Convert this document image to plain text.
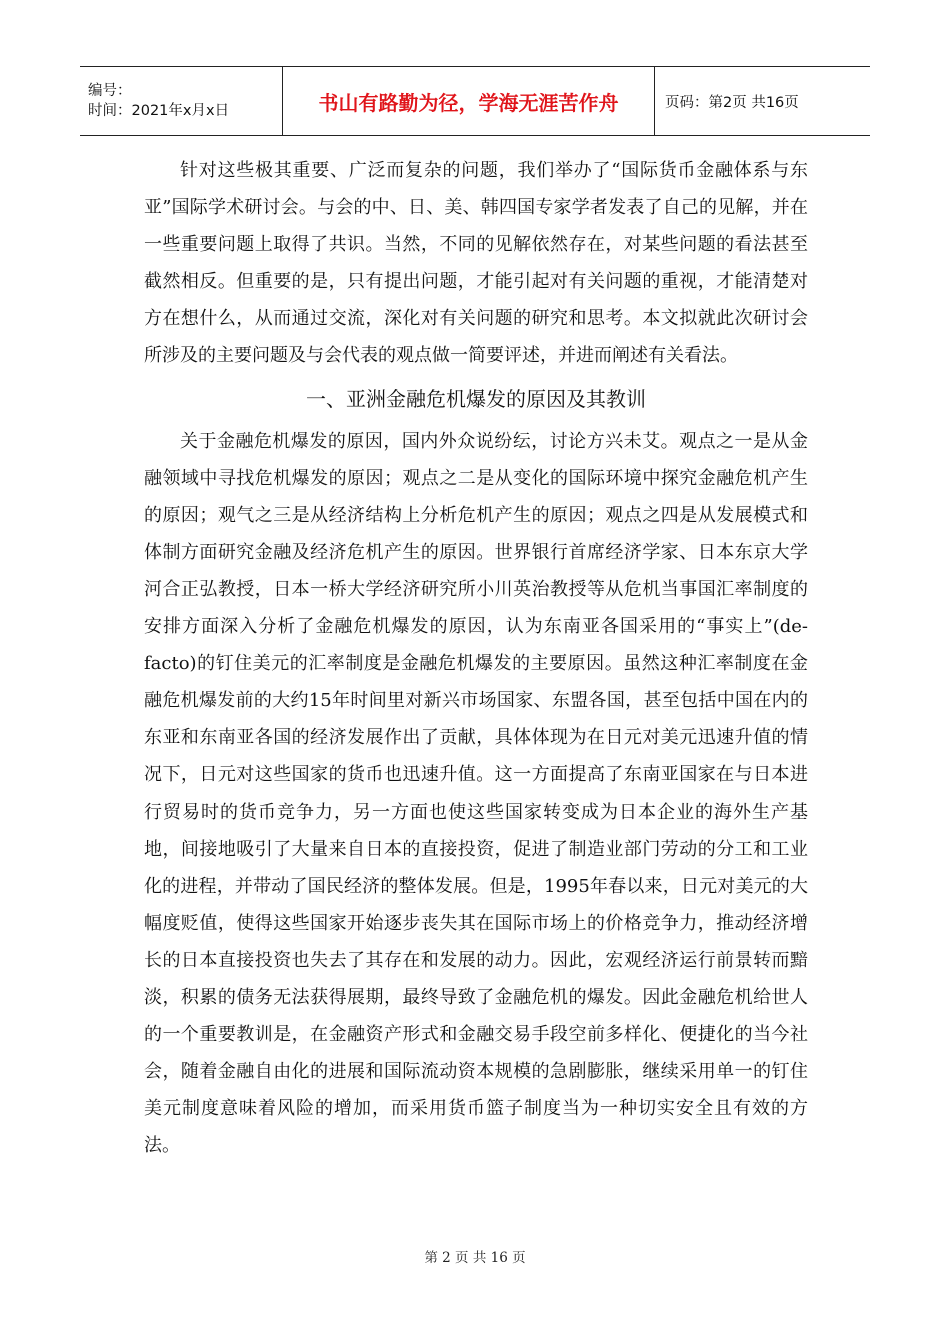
编号：
时间：2021年x月x日	书山有路勤为径，学海无涯苦作舟	页码：第2页 共16页

针对这些极其重要、广泛而复杂的问题，我们举办了“国际货币金融体系与东亚”国际学术研讨会。与会的中、日、美、韩四国专家学者发表了自己的见解，并在一些重要问题上取得了共识。当然，不同的见解依然存在，对某些问题的看法甚至截然相反。但重要的是，只有提出问题，才能引起对有关问题的重视，才能清楚对方在想什么，从而通过交流，深化对有关问题的研究和思考。本文拟就此次研讨会所涉及的主要问题及与会代表的观点做一简要评述，并进而阐述有关看法。

一、亚洲金融危机爆发的原因及其教训

关于金融危机爆发的原因，国内外众说纷纭，讨论方兴未艾。观点之一是从金融领域中寻找危机爆发的原因；观点之二是从变化的国际环境中探究金融危机产生的原因；观气之三是从经济结构上分析危机产生的原因；观点之四是从发展模式和体制方面研究金融及经济危机产生的原因。世界银行首席经济学家、日本东京大学河合正弘教授，日本一桥大学经济研究所小川英治教授等从危机当事国汇率制度的安排方面深入分析了金融危机爆发的原因，认为东南亚各国采用的“事实上”(de-facto)的钉住美元的汇率制度是金融危机爆发的主要原因。虽然这种汇率制度在金融危机爆发前的大约15年时间里对新兴市场国家、东盟各国，甚至包括中国在内的东亚和东南亚各国的经济发展作出了贡献，具体体现为在日元对美元迅速升值的情况下，日元对这些国家的货币也迅速升值。这一方面提高了东南亚国家在与日本进行贸易时的货币竞争力，另一方面也使这些国家转变成为日本企业的海外生产基地，间接地吸引了大量来自日本的直接投资，促进了制造业部门劳动的分工和工业化的进程，并带动了国民经济的整体发展。但是，1995年春以来，日元对美元的大幅度贬值，使得这些国家开始逐步丧失其在国际市场上的价格竞争力，推动经济增长的日本直接投资也失去了其存在和发展的动力。因此，宏观经济运行前景转而黯淡，积累的债务无法获得展期，最终导致了金融危机的爆发。因此金融危机给世人的一个重要教训是，在金融资产形式和金融交易手段空前多样化、便捷化的当今社会，随着金融自由化的进展和国际流动资本规模的急剧膨胀，继续采用单一的钉住美元制度意味着风险的增加，而采用货币篮子制度当为一种切实安全且有效的方法。

第 2 页 共 16 页
